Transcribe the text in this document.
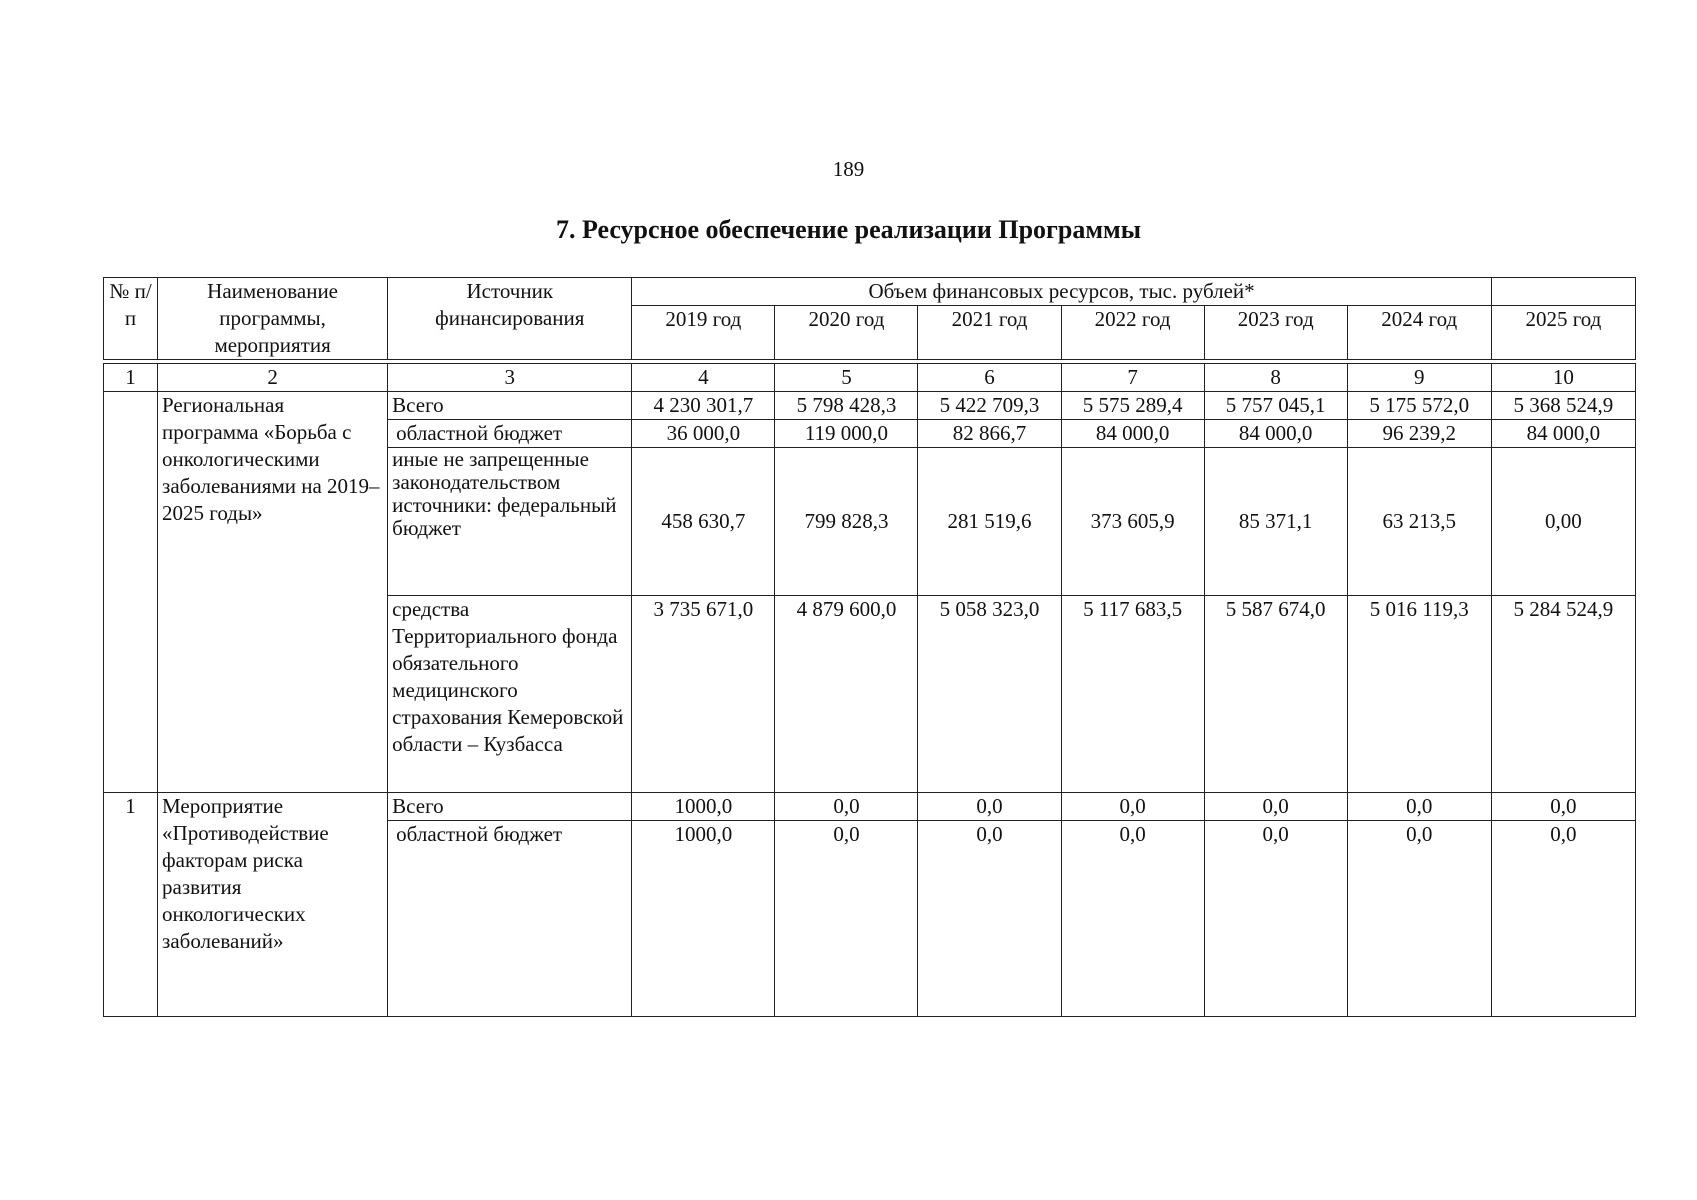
189
7. Ресурсное обеспечение реализации Программы
№ п/п	Наименование программы, мероприятия	Источник финансирования	Объем финансовых ресурсов, тыс. рублей*						
			2019 год	2020 год	2021 год	2022 год	2023 год	2024 год	2025 год

1	2	3	4	5	6	7	8	9	10
	Региональная программа «Борьба с онкологическими заболеваниями на 2019–2025 годы»	Всего	4 230 301,7	5 798 428,3	5 422 709,3	5 575 289,4	5 757 045,1	5 175 572,0	5 368 524,9
		областной бюджет	36 000,0	119 000,0	82 866,7	84 000,0	84 000,0	96 239,2	84 000,0
		иные не запрещенные законодательством источники: федеральный бюджет	458 630,7	799 828,3	281 519,6	373 605,9	85 371,1	63 213,5	0,00
		средства Территориального фонда обязательного медицинского страхования Кемеровской области – Кузбасса	3 735 671,0	4 879 600,0	5 058 323,0	5 117 683,5	5 587 674,0	5 016 119,3	5 284 524,9
1	Мероприятие «Противодействие факторам риска развития онкологических заболеваний»	Всего	1000,0	0,0	0,0	0,0	0,0	0,0	0,0
		областной бюджет	1000,0	0,0	0,0	0,0	0,0	0,0	0,0
